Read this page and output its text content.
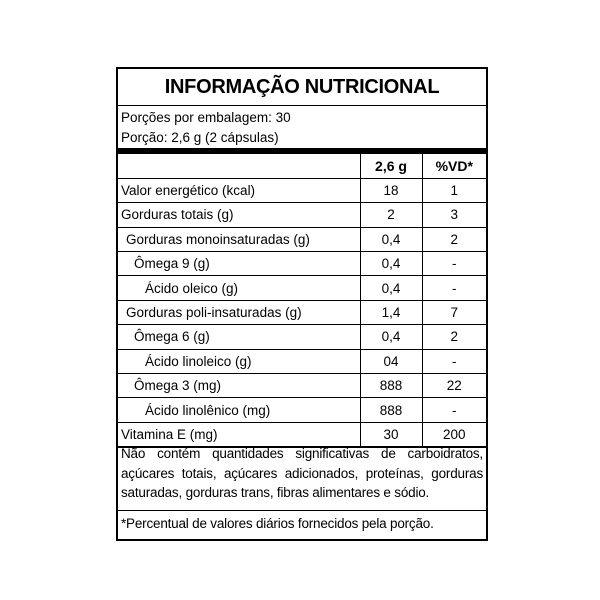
INFORMAÇÃO NUTRICIONAL
Porções por embalagem: 30
Porção: 2,6 g (2 cápsulas)
	2,6 g	%VD*
Valor energético (kcal)	18	1
Gorduras totais (g)	2	3
Gorduras monoinsaturadas (g)	0,4	2
Ômega 9 (g)	0,4	-
Ácido oleico (g)	0,4	-
Gorduras poli-insaturadas (g)	1,4	7
Ômega 6 (g)	0,4	2
Ácido linoleico (g)	04	-
Ômega 3 (mg)	888	22
Ácido linolênico (mg)	888	-
Vitamina E (mg)	30	200
Não contém quantidades significativas de carboidratos, açúcares totais, açúcares adicionados, proteínas, gorduras saturadas, gorduras trans, fibras alimentares e sódio.
*Percentual de valores diários fornecidos pela porção.
